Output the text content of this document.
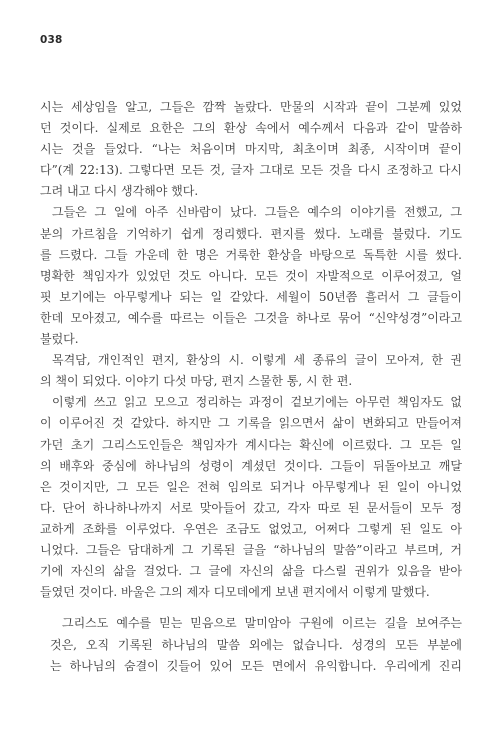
038
시는 세상임을 알고, 그들은 깜짝 놀랐다. 만물의 시작과 끝이 그분께 있었
던 것이다. 실제로 요한은 그의 환상 속에서 예수께서 다음과 같이 말씀하
시는 것을 들었다. “나는 처음이며 마지막, 최초이며 최종, 시작이며 끝이
다”(계 22:13). 그렇다면 모든 것, 글자 그대로 모든 것을 다시 조정하고 다시
그려 내고 다시 생각해야 했다.
그들은 그 일에 아주 신바람이 났다. 그들은 예수의 이야기를 전했고, 그
분의 가르침을 기억하기 쉽게 정리했다. 편지를 썼다. 노래를 불렀다. 기도
를 드렸다. 그들 가운데 한 명은 거룩한 환상을 바탕으로 독특한 시를 썼다.
명확한 책임자가 있었던 것도 아니다. 모든 것이 자발적으로 이루어졌고, 얼
핏 보기에는 아무렇게나 되는 일 같았다. 세월이 50년쯤 흘러서 그 글들이
한데 모아졌고, 예수를 따르는 이들은 그것을 하나로 묶어 “신약성경”이라고
불렀다.
목격담, 개인적인 편지, 환상의 시. 이렇게 세 종류의 글이 모아져, 한 권
의 책이 되었다. 이야기 다섯 마당, 편지 스물한 통, 시 한 편.
이렇게 쓰고 읽고 모으고 정리하는 과정이 겉보기에는 아무런 책임자도 없
이 이루어진 것 같았다. 하지만 그 기록을 읽으면서 삶이 변화되고 만들어져
가던 초기 그리스도인들은 책임자가 계시다는 확신에 이르렀다. 그 모든 일
의 배후와 중심에 하나님의 성령이 계셨던 것이다. 그들이 뒤돌아보고 깨달
은 것이지만, 그 모든 일은 전혀 임의로 되거나 아무렇게나 된 일이 아니었
다. 단어 하나하나까지 서로 맞아들어 갔고, 각자 따로 된 문서들이 모두 정
교하게 조화를 이루었다. 우연은 조금도 없었고, 어쩌다 그렇게 된 일도 아
니었다. 그들은 담대하게 그 기록된 글을 “하나님의 말씀”이라고 부르며, 거
기에 자신의 삶을 걸었다. 그 글에 자신의 삶을 다스릴 권위가 있음을 받아
들였던 것이다. 바울은 그의 제자 디모데에게 보낸 편지에서 이렇게 말했다.
그리스도 예수를 믿는 믿음으로 말미암아 구원에 이르는 길을 보여주는
것은, 오직 기록된 하나님의 말씀 외에는 없습니다. 성경의 모든 부분에
는 하나님의 숨결이 깃들어 있어 모든 면에서 유익합니다. 우리에게 진리
